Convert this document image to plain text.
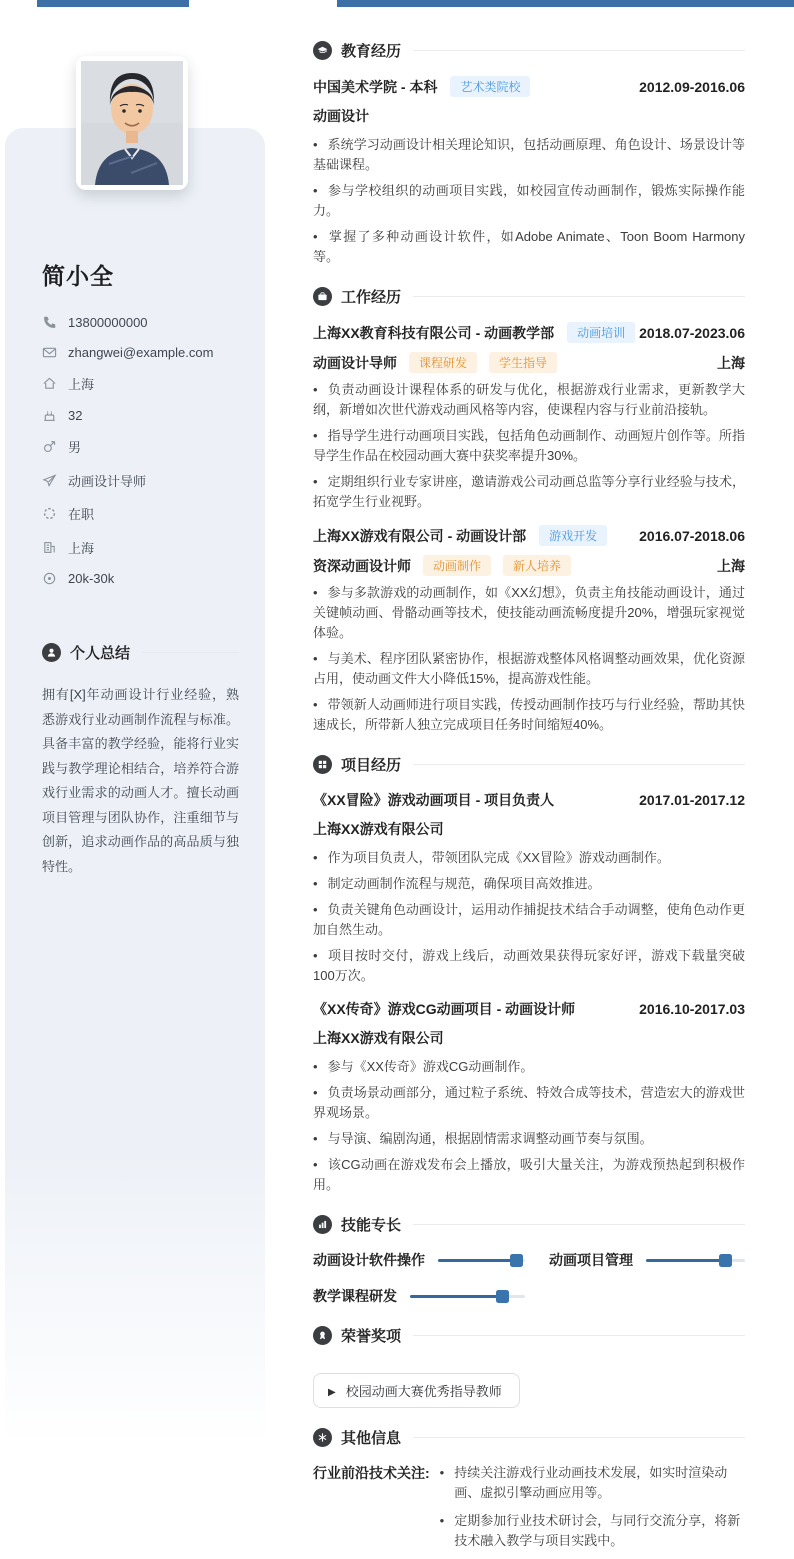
简小全
13800000000
zhangwei@example.com
上海
32
男
动画设计导师
在职
上海
20k-30k
个人总结

拥有[X]年动画设计行业经验，熟悉游戏行业动画制作流程与标准。具备丰富的教学经验，能将行业实践与教学理论相结合，培养符合游戏行业需求的动画人才。擅长动画项目管理与团队协作，注重细节与创新，追求动画作品的高品质与独特性。

教育经历
中国美术学院 - 本科	艺术类院校	2012.09-2016.06
动画设计

• 系统学习动画设计相关理论知识，包括动画原理、角色设计、场景设计等基础课程。

• 参与学校组织的动画项目实践，如校园宣传动画制作，锻炼实际操作能力。

• 掌握了多种动画设计软件，如Adobe Animate、Toon Boom Harmony等。

工作经历
上海XX教育科技有限公司 - 动画教学部	动画培训 2018.07-2023.06
动画设计导师	课程研发	学生指导	上海

• 负责动画设计课程体系的研发与优化，根据游戏行业需求，更新教学大纲，新增如次世代游戏动画风格等内容，使课程内容与行业前沿接轨。

• 指导学生进行动画项目实践，包括角色动画制作、动画短片创作等。所指导学生作品在校园动画大赛中获奖率提升30%。

• 定期组织行业专家讲座，邀请游戏公司动画总监等分享行业经验与技术，拓宽学生行业视野。

上海XX游戏有限公司 - 动画设计部	游戏开发	2016.07-2018.06
资深动画设计师	动画制作	新人培养	上海

• 参与多款游戏的动画制作，如《XX幻想》，负责主角技能动画设计，通过关键帧动画、骨骼动画等技术，使技能动画流畅度提升20%，增强玩家视觉体验。

• 与美术、程序团队紧密协作，根据游戏整体风格调整动画效果，优化资源占用，使动画文件大小降低15%，提高游戏性能。

• 带领新人动画师进行项目实践，传授动画制作技巧与行业经验，帮助其快速成长，所带新人独立完成项目任务时间缩短40%。

项目经历
《XX冒险》游戏动画项目 - 项目负责人	2017.01-2017.12
上海XX游戏有限公司

• 作为项目负责人，带领团队完成《XX冒险》游戏动画制作。

• 制定动画制作流程与规范，确保项目高效推进。

• 负责关键角色动画设计，运用动作捕捉技术结合手动调整，使角色动作更加自然生动。

• 项目按时交付，游戏上线后，动画效果获得玩家好评，游戏下载量突破100万次。

《XX传奇》游戏CG动画项目 - 动画设计师	2016.10-2017.03
上海XX游戏有限公司

• 参与《XX传奇》游戏CG动画制作。

• 负责场景动画部分，通过粒子系统、特效合成等技术，营造宏大的游戏世界观场景。

• 与导演、编剧沟通，根据剧情需求调整动画节奏与氛围。

• 该CG动画在游戏发布会上播放，吸引大量关注，为游戏预热起到积极作用。

技能专长
动画设计软件操作	动画项目管理
教学课程研发
荣誉奖项
▶
校园动画大赛优秀指导教师
其他信息
行业前沿技术关注: • 持续关注游戏行业动画技术发展，如实时渲染动画、虚拟引擎动画应用等。
•
定期参加行业技术研讨会，与同行交流分享，将新技术融入教学与项目实践中。
